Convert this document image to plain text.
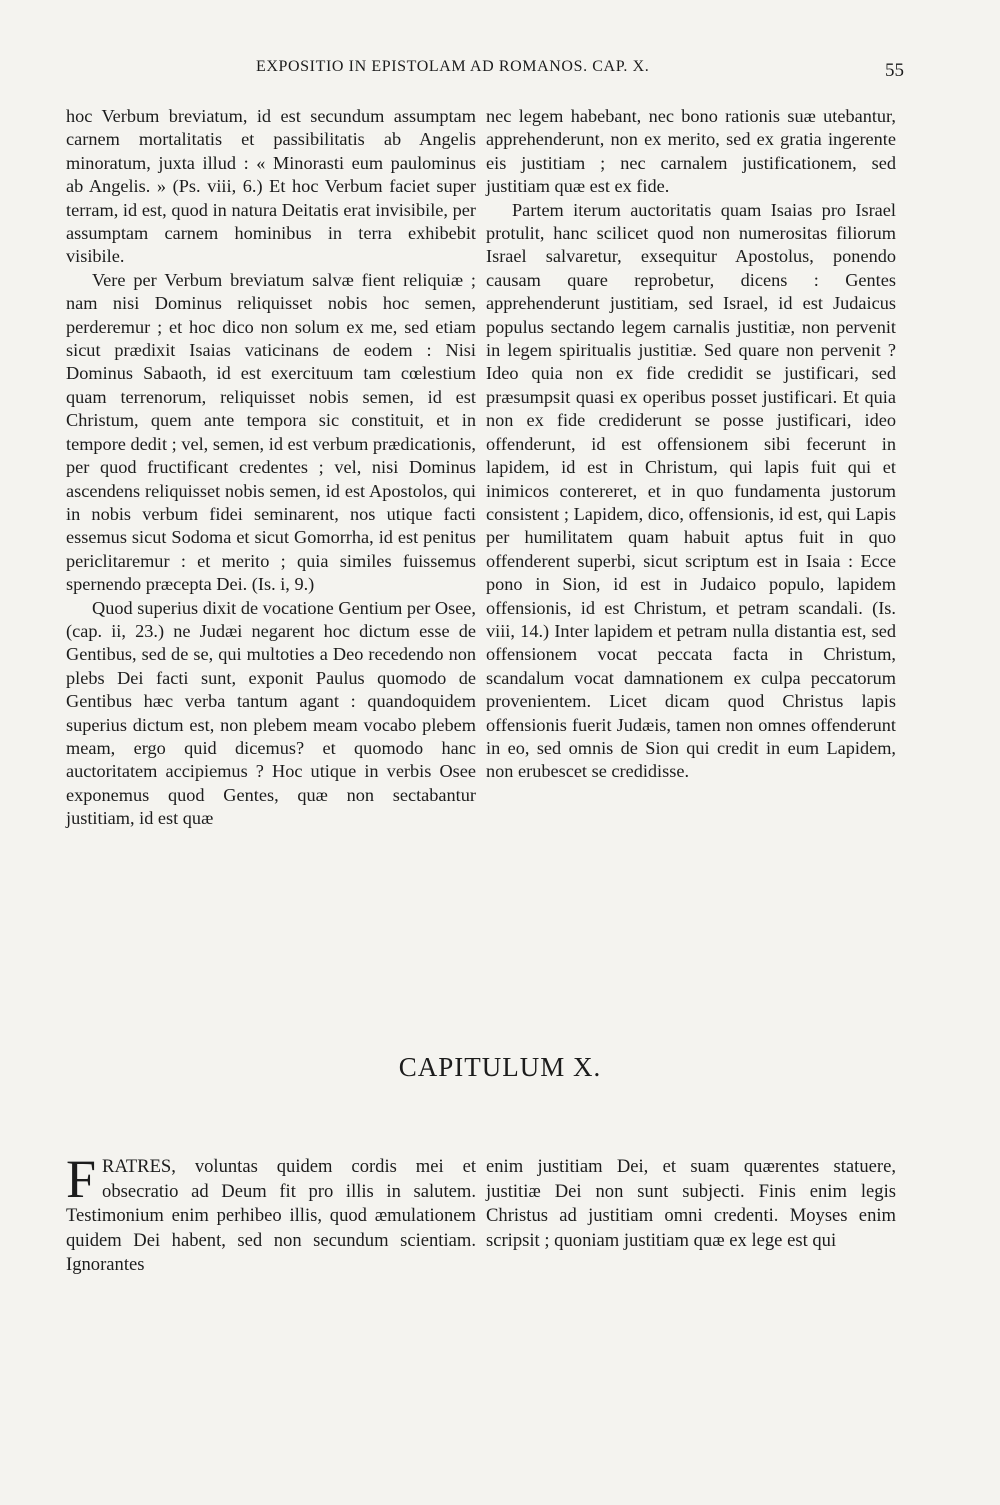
EXPOSITIO IN EPISTOLAM AD ROMANOS. CAP. X.	55

hoc Verbum breviatum, id est secundum assumptam carnem mortalitatis et passibilitatis ab Angelis minoratum, juxta illud : « Minorasti eum paulominus ab Angelis. » (Ps. viii, 6.) Et hoc Verbum faciet super terram, id est, quod in natura Deitatis erat invisibile, per assumptam carnem hominibus in terra exhibebit visibile.

Vere per Verbum breviatum salvæ fient reliquiæ ; nam nisi Dominus reliquisset nobis hoc semen, perderemur ; et hoc dico non solum ex me, sed etiam sicut prædixit Isaias vaticinans de eodem : Nisi Dominus Sabaoth, id est exercituum tam cœlestium quam terrenorum, reliquisset nobis semen, id est Christum, quem ante tempora sic constituit, et in tempore dedit ; vel, semen, id est verbum prædicationis, per quod fructificant credentes ; vel, nisi Dominus ascendens reliquisset nobis semen, id est Apostolos, qui in nobis verbum fidei seminarent, nos utique facti essemus sicut Sodoma et sicut Gomorrha, id est penitus periclitaremur : et merito ; quia similes fuissemus spernendo præcepta Dei. (Is. i, 9.)

Quod superius dixit de vocatione Gentium per Osee, (cap. ii, 23.) ne Judæi negarent hoc dictum esse de Gentibus, sed de se, qui multoties a Deo recedendo non plebs Dei facti sunt, exponit Paulus quomodo de Gentibus hæc verba tantum agant : quandoquidem superius dictum est, non plebem meam vocabo plebem meam, ergo quid dicemus? et quomodo hanc auctoritatem accipiemus ? Hoc utique in verbis Osee exponemus quod Gentes, quæ non sectabantur justitiam, id est quæ

nec legem habebant, nec bono rationis suæ utebantur, apprehenderunt, non ex merito, sed ex gratia ingerente eis justitiam ; nec carnalem justificationem, sed justitiam quæ est ex fide.

Partem iterum auctoritatis quam Isaias pro Israel protulit, hanc scilicet quod non numerositas filiorum Israel salvaretur, exsequitur Apostolus, ponendo causam quare reprobetur, dicens : Gentes apprehenderunt justitiam, sed Israel, id est Judaicus populus sectando legem carnalis justitiæ, non pervenit in legem spiritualis justitiæ. Sed quare non pervenit ? Ideo quia non ex fide credidit se justificari, sed præsumpsit quasi ex operibus posset justificari. Et quia non ex fide crediderunt se posse justificari, ideo offenderunt, id est offensionem sibi fecerunt in lapidem, id est in Christum, qui lapis fuit qui et inimicos contereret, et in quo fundamenta justorum consistent ; Lapidem, dico, offensionis, id est, qui Lapis per humilitatem quam habuit aptus fuit in quo offenderent superbi, sicut scriptum est in Isaia : Ecce pono in Sion, id est in Judaico populo, lapidem offensionis, id est Christum, et petram scandali. (Is. viii, 14.) Inter lapidem et petram nulla distantia est, sed offensionem vocat peccata facta in Christum, scandalum vocat damnationem ex culpa peccatorum provenientem. Licet dicam quod Christus lapis offensionis fuerit Judæis, tamen non omnes offenderunt in eo, sed omnis de Sion qui credit in eum Lapidem, non erubescet se credidisse.

CAPITULUM X.

FRATRES, voluntas quidem cordis mei et obsecratio ad Deum fit pro illis in salutem. Testimonium enim perhibeo illis, quod æmulationem quidem Dei habent, sed non secundum scientiam. Ignorantes

enim justitiam Dei, et suam quærentes statuere, justitiæ Dei non sunt subjecti. Finis enim legis Christus ad justitiam omni credenti. Moyses enim scripsit ; quoniam justitiam quæ ex lege est qui
